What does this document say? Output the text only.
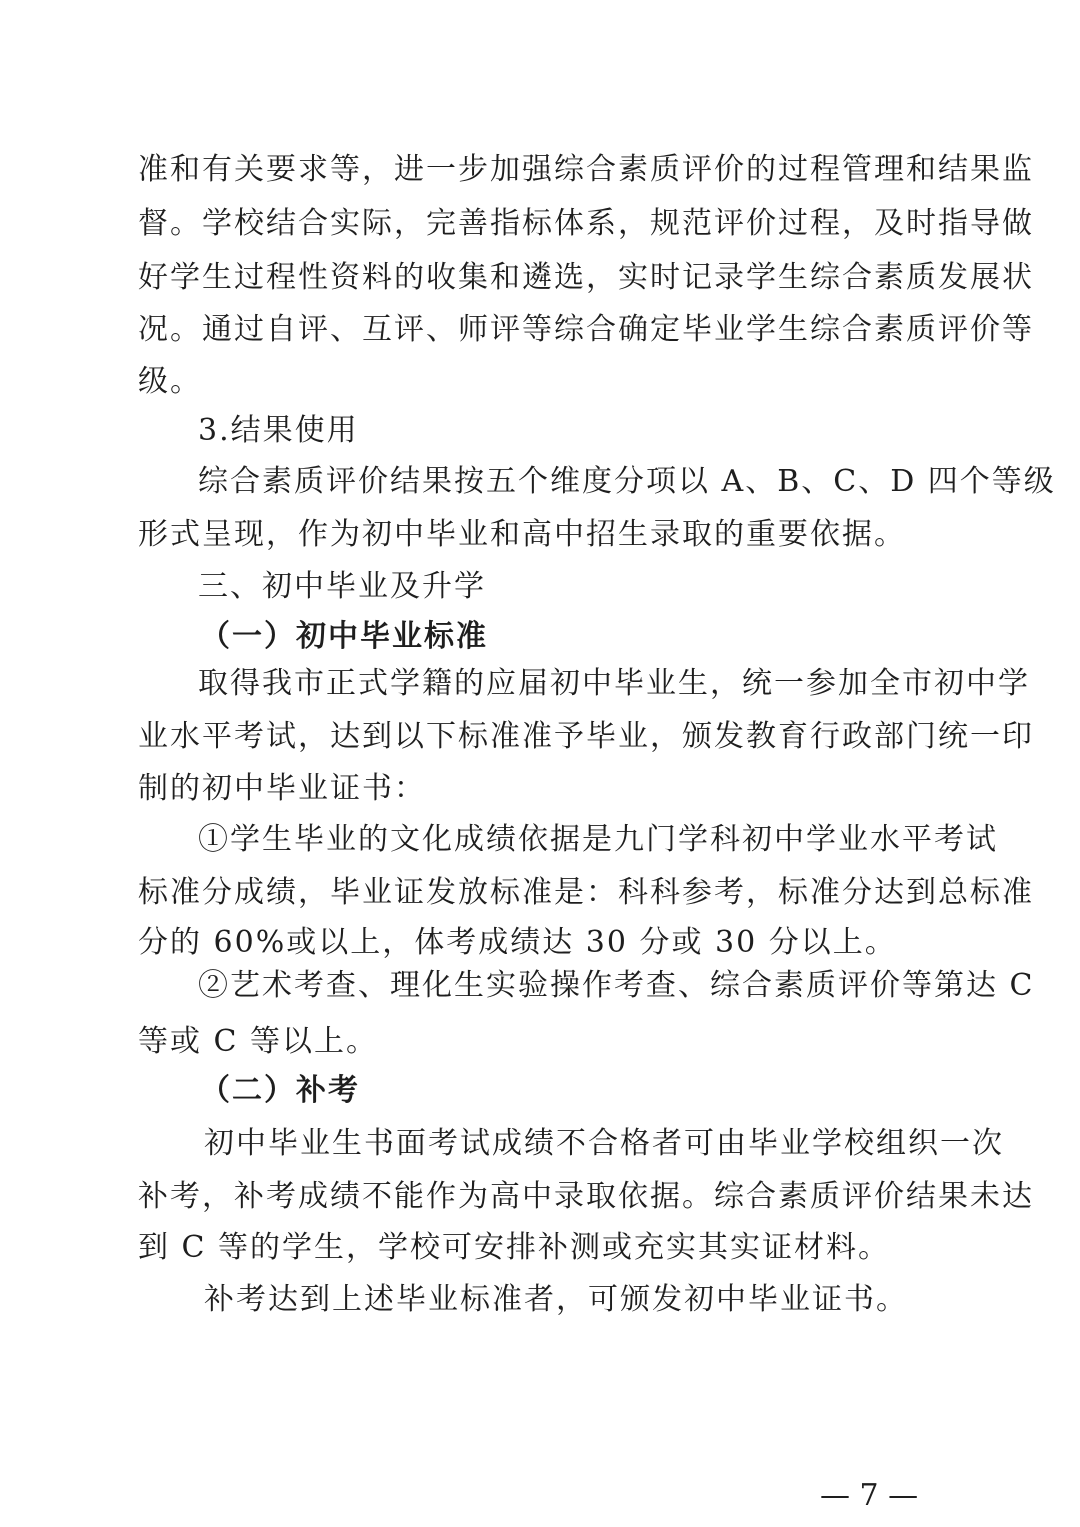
准和有关要求等，进一步加强综合素质评价的过程管理和结果监
督。学校结合实际，完善指标体系，规范评价过程，及时指导做
好学生过程性资料的收集和遴选，实时记录学生综合素质发展状
况。通过自评、互评、师评等综合确定毕业学生综合素质评价等
级。
3.结果使用
综合素质评价结果按五个维度分项以 A、B、C、D 四个等级
形式呈现，作为初中毕业和高中招生录取的重要依据。
三、初中毕业及升学
（一）初中毕业标准
取得我市正式学籍的应届初中毕业生，统一参加全市初中学
业水平考试，达到以下标准准予毕业，颁发教育行政部门统一印
制的初中毕业证书：
①学生毕业的文化成绩依据是九门学科初中学业水平考试
标准分成绩，毕业证发放标准是：科科参考，标准分达到总标准
分的 60%或以上，体考成绩达 30 分或 30 分以上。
②艺术考查、理化生实验操作考查、综合素质评价等第达 C
等或 C 等以上。
（二）补考
初中毕业生书面考试成绩不合格者可由毕业学校组织一次
补考，补考成绩不能作为高中录取依据。综合素质评价结果未达
到 C 等的学生，学校可安排补测或充实其实证材料。
补考达到上述毕业标准者，可颁发初中毕业证书。
— 7 —
